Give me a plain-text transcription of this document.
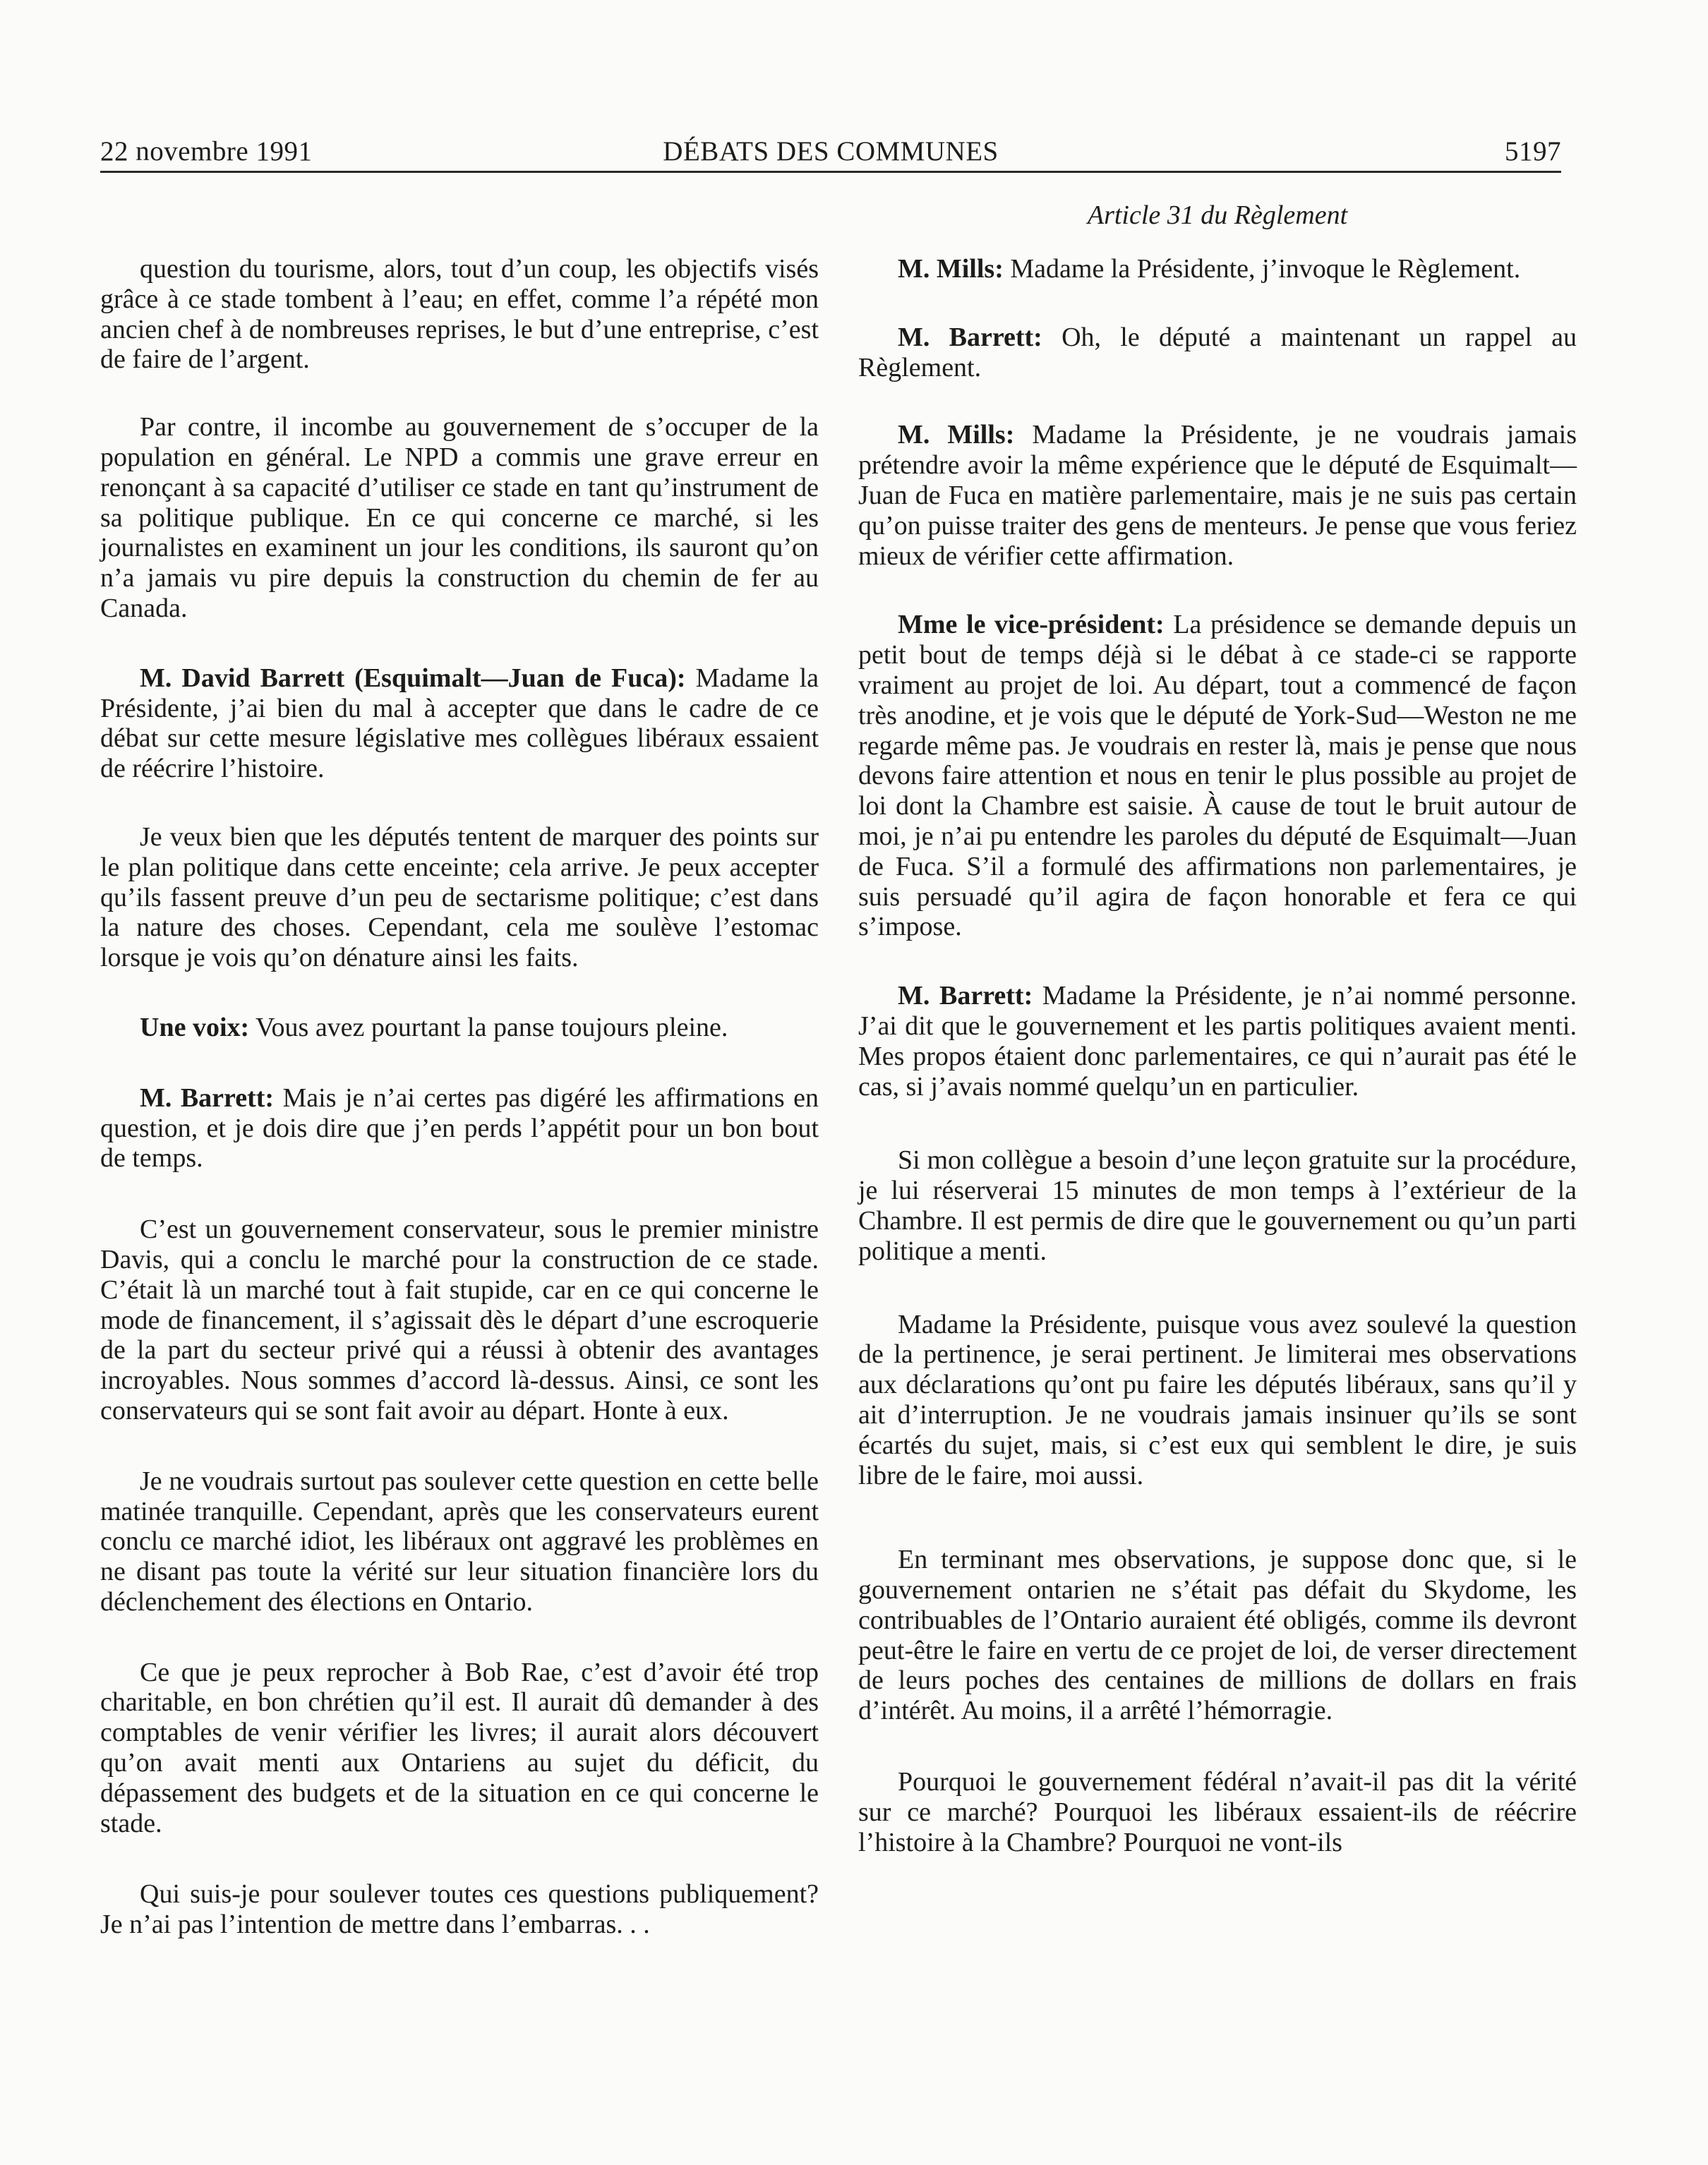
22 novembre 1991	DÉBATS DES COMMUNES	5197
Article 31 du Règlement

question du tourisme, alors, tout d’un coup, les objectifs visés grâce à ce stade tombent à l’eau; en effet, comme l’a répété mon ancien chef à de nombreuses reprises, le but d’une entreprise, c’est de faire de l’argent.

Par contre, il incombe au gouvernement de s’occuper de la population en général. Le NPD a commis une grave erreur en renonçant à sa capacité d’utiliser ce stade en tant qu’instrument de sa politique publique. En ce qui concerne ce marché, si les journalistes en examinent un jour les conditions, ils sauront qu’on n’a jamais vu pire depuis la construction du chemin de fer au Canada.

M. David Barrett (Esquimalt—Juan de Fuca): Madame la Présidente, j’ai bien du mal à accepter que dans le cadre de ce débat sur cette mesure législative mes collègues libéraux essaient de réécrire l’histoire.

Je veux bien que les députés tentent de marquer des points sur le plan politique dans cette enceinte; cela arrive. Je peux accepter qu’ils fassent preuve d’un peu de sectarisme politique; c’est dans la nature des choses. Cependant, cela me soulève l’estomac lorsque je vois qu’on dénature ainsi les faits.

Une voix: Vous avez pourtant la panse toujours pleine.

M. Barrett: Mais je n’ai certes pas digéré les affirmations en question, et je dois dire que j’en perds l’appétit pour un bon bout de temps.

C’est un gouvernement conservateur, sous le premier ministre Davis, qui a conclu le marché pour la construction de ce stade. C’était là un marché tout à fait stupide, car en ce qui concerne le mode de financement, il s’agissait dès le départ d’une escroquerie de la part du secteur privé qui a réussi à obtenir des avantages incroyables. Nous sommes d’accord là-dessus. Ainsi, ce sont les conservateurs qui se sont fait avoir au départ. Honte à eux.

Je ne voudrais surtout pas soulever cette question en cette belle matinée tranquille. Cependant, après que les conservateurs eurent conclu ce marché idiot, les libéraux ont aggravé les problèmes en ne disant pas toute la vérité sur leur situation financière lors du déclenchement des élections en Ontario.

Ce que je peux reprocher à Bob Rae, c’est d’avoir été trop charitable, en bon chrétien qu’il est. Il aurait dû demander à des comptables de venir vérifier les livres; il aurait alors découvert qu’on avait menti aux Ontariens au sujet du déficit, du dépassement des budgets et de la situation en ce qui concerne le stade.

Qui suis-je pour soulever toutes ces questions publiquement? Je n’ai pas l’intention de mettre dans l’embarras. . .

M. Mills: Madame la Présidente, j’invoque le Règlement.

M. Barrett: Oh, le député a maintenant un rappel au Règlement.

M. Mills: Madame la Présidente, je ne voudrais jamais prétendre avoir la même expérience que le député de Esquimalt—Juan de Fuca en matière parlementaire, mais je ne suis pas certain qu’on puisse traiter des gens de menteurs. Je pense que vous feriez mieux de vérifier cette affirmation.

Mme le vice-président: La présidence se demande depuis un petit bout de temps déjà si le débat à ce stade-ci se rapporte vraiment au projet de loi. Au départ, tout a commencé de façon très anodine, et je vois que le député de York-Sud—Weston ne me regarde même pas. Je voudrais en rester là, mais je pense que nous devons faire attention et nous en tenir le plus possible au projet de loi dont la Chambre est saisie. À cause de tout le bruit autour de moi, je n’ai pu entendre les paroles du député de Esquimalt—Juan de Fuca. S’il a formulé des affirmations non parlementaires, je suis persuadé qu’il agira de façon honorable et fera ce qui s’impose.

M. Barrett: Madame la Présidente, je n’ai nommé personne. J’ai dit que le gouvernement et les partis politiques avaient menti. Mes propos étaient donc parlementaires, ce qui n’aurait pas été le cas, si j’avais nommé quelqu’un en particulier.

Si mon collègue a besoin d’une leçon gratuite sur la procédure, je lui réserverai 15 minutes de mon temps à l’extérieur de la Chambre. Il est permis de dire que le gouvernement ou qu’un parti politique a menti.

Madame la Présidente, puisque vous avez soulevé la question de la pertinence, je serai pertinent. Je limiterai mes observations aux déclarations qu’ont pu faire les députés libéraux, sans qu’il y ait d’interruption. Je ne voudrais jamais insinuer qu’ils se sont écartés du sujet, mais, si c’est eux qui semblent le dire, je suis libre de le faire, moi aussi.

En terminant mes observations, je suppose donc que, si le gouvernement ontarien ne s’était pas défait du Skydome, les contribuables de l’Ontario auraient été obligés, comme ils devront peut-être le faire en vertu de ce projet de loi, de verser directement de leurs poches des centaines de millions de dollars en frais d’intérêt. Au moins, il a arrêté l’hémorragie.

Pourquoi le gouvernement fédéral n’avait-il pas dit la vérité sur ce marché? Pourquoi les libéraux essaient-ils de réécrire l’histoire à la Chambre? Pourquoi ne vont-ils
